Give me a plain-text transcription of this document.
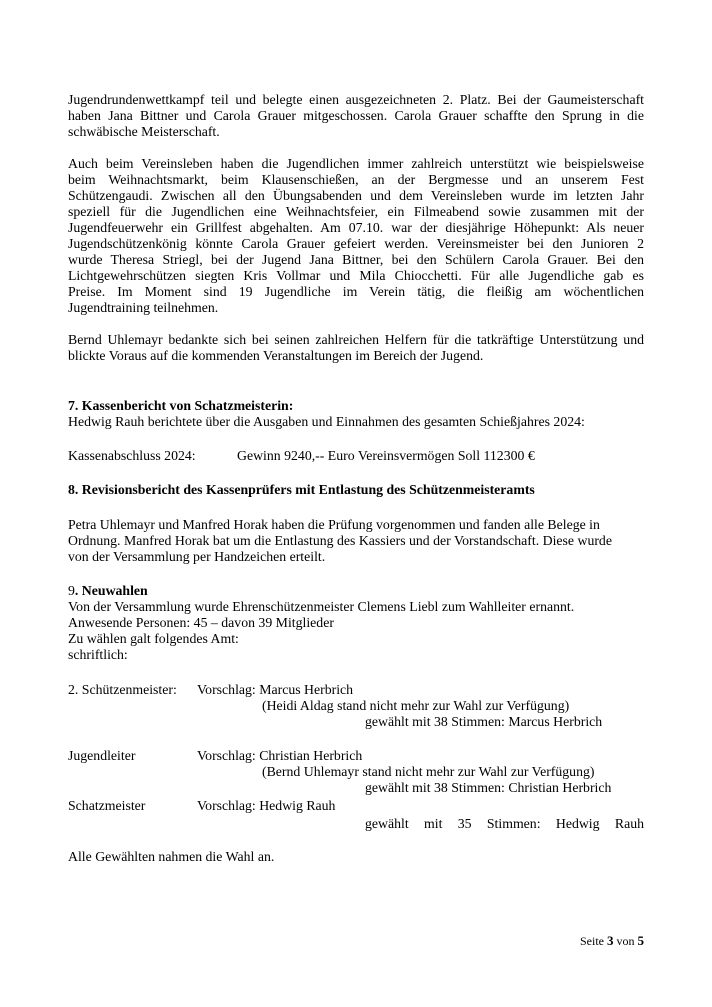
Jugendrundenwettkampf teil und belegte einen ausgezeichneten 2. Platz. Bei der Gaumeisterschaft
haben Jana Bittner und Carola Grauer mitgeschossen. Carola Grauer schaffte den Sprung in die
schwäbische Meisterschaft.
Auch beim Vereinsleben haben die Jugendlichen immer zahlreich unterstützt wie beispielsweise
beim Weihnachtsmarkt, beim Klausenschießen, an der Bergmesse und an unserem Fest
Schützengaudi. Zwischen all den Übungsabenden und dem Vereinsleben wurde im letzten Jahr
speziell für die Jugendlichen eine Weihnachtsfeier, ein Filmeabend sowie zusammen mit der
Jugendfeuerwehr ein Grillfest abgehalten. Am 07.10. war der diesjährige Höhepunkt: Als neuer
Jugendschützenkönig könnte Carola Grauer gefeiert werden. Vereinsmeister bei den Junioren 2
wurde Theresa Striegl, bei der Jugend Jana Bittner, bei den Schülern Carola Grauer. Bei den
Lichtgewehrschützen siegten Kris Vollmar und Mila Chiocchetti. Für alle Jugendliche gab es
Preise. Im Moment sind 19 Jugendliche im Verein tätig, die fleißig am wöchentlichen
Jugendtraining teilnehmen.
Bernd Uhlemayr bedankte sich bei seinen zahlreichen Helfern für die tatkräftige Unterstützung und
blickte Voraus auf die kommenden Veranstaltungen im Bereich der Jugend.
7. Kassenbericht von Schatzmeisterin:
Hedwig Rauh berichtete über die Ausgaben und Einnahmen des gesamten Schießjahres 2024:
Kassenabschluss 2024:	Gewinn 9240,-- Euro Vereinsvermögen Soll 112300 €
8. Revisionsbericht des Kassenprüfers mit Entlastung des Schützenmeisteramts
Petra Uhlemayr und Manfred Horak haben die Prüfung vorgenommen und fanden alle Belege in
Ordnung. Manfred Horak bat um die Entlastung des Kassiers und der Vorstandschaft. Diese wurde
von der Versammlung per Handzeichen erteilt.
9. Neuwahlen
Von der Versammlung wurde Ehrenschützenmeister Clemens Liebl zum Wahlleiter ernannt.
Anwesende Personen: 45 – davon 39 Mitglieder
Zu wählen galt folgendes Amt:
schriftlich:
2. Schützenmeister: Vorschlag: Marcus Herbrich
(Heidi Aldag stand nicht mehr zur Wahl zur Verfügung)
gewählt mit 38 Stimmen: Marcus Herbrich
Jugendleiter	Vorschlag: Christian Herbrich
(Bernd Uhlemayr stand nicht mehr zur Wahl zur Verfügung)
gewählt mit 38 Stimmen: Christian Herbrich
Schatzmeister	Vorschlag: Hedwig Rauh
gewählt mit 35 Stimmen: Hedwig Rauh
Alle Gewählten nahmen die Wahl an.
Seite 3 von 5
